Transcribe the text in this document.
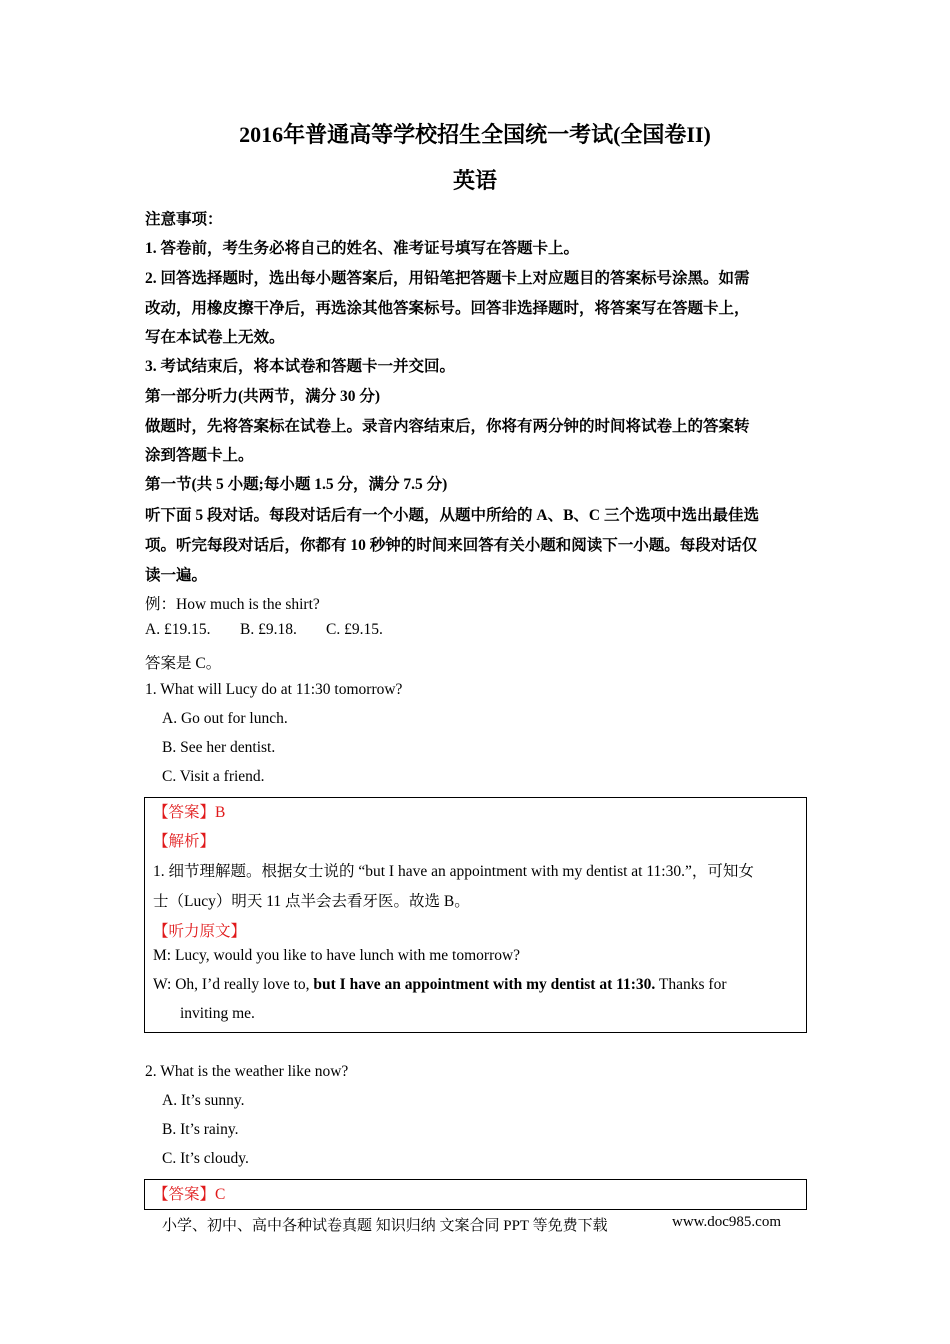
2016年普通高等学校招生全国统一考试(全国卷II)
英语
注意事项：
1. 答卷前，考生务必将自己的姓名、准考证号填写在答题卡上。
2. 回答选择题时，选出每小题答案后，用铅笔把答题卡上对应题目的答案标号涂黑。如需
改动，用橡皮擦干净后，再选涂其他答案标号。回答非选择题时，将答案写在答题卡上，
写在本试卷上无效。
3. 考试结束后，将本试卷和答题卡一并交回。
第一部分听力(共两节，满分 30 分)
做题时，先将答案标在试卷上。录音内容结束后，你将有两分钟的时间将试卷上的答案转
涂到答题卡上。
第一节(共 5 小题;每小题 1.5 分，满分 7.5 分)
听下面 5 段对话。每段对话后有一个小题，从题中所给的 A、B、C 三个选项中选出最佳选
项。听完每段对话后，你都有 10 秒钟的时间来回答有关小题和阅读下一小题。每段对话仅
读一遍。
例：How much is the shirt?
A. £19.15. B. £9.18. C. £9.15.
答案是 C。
1. What will Lucy do at 11:30 tomorrow?
A. Go out for lunch.
B. See her dentist.
C. Visit a friend.
【答案】B
【解析】
1. 细节理解题。根据女士说的 “but I have an appointment with my dentist at 11:30.”，可知女
士（Lucy）明天 11 点半会去看牙医。故选 B。
【听力原文】
M: Lucy, would you like to have lunch with me tomorrow?
W: Oh, I’d really love to, but I have an appointment with my dentist at 11:30. Thanks for
inviting me.
2. What is the weather like now?
A. It’s sunny.
B. It’s rainy.
C. It’s cloudy.
【答案】C
小学、初中、高中各种试卷真题 知识归纳 文案合同 PPT 等免费下载	www.doc985.com
